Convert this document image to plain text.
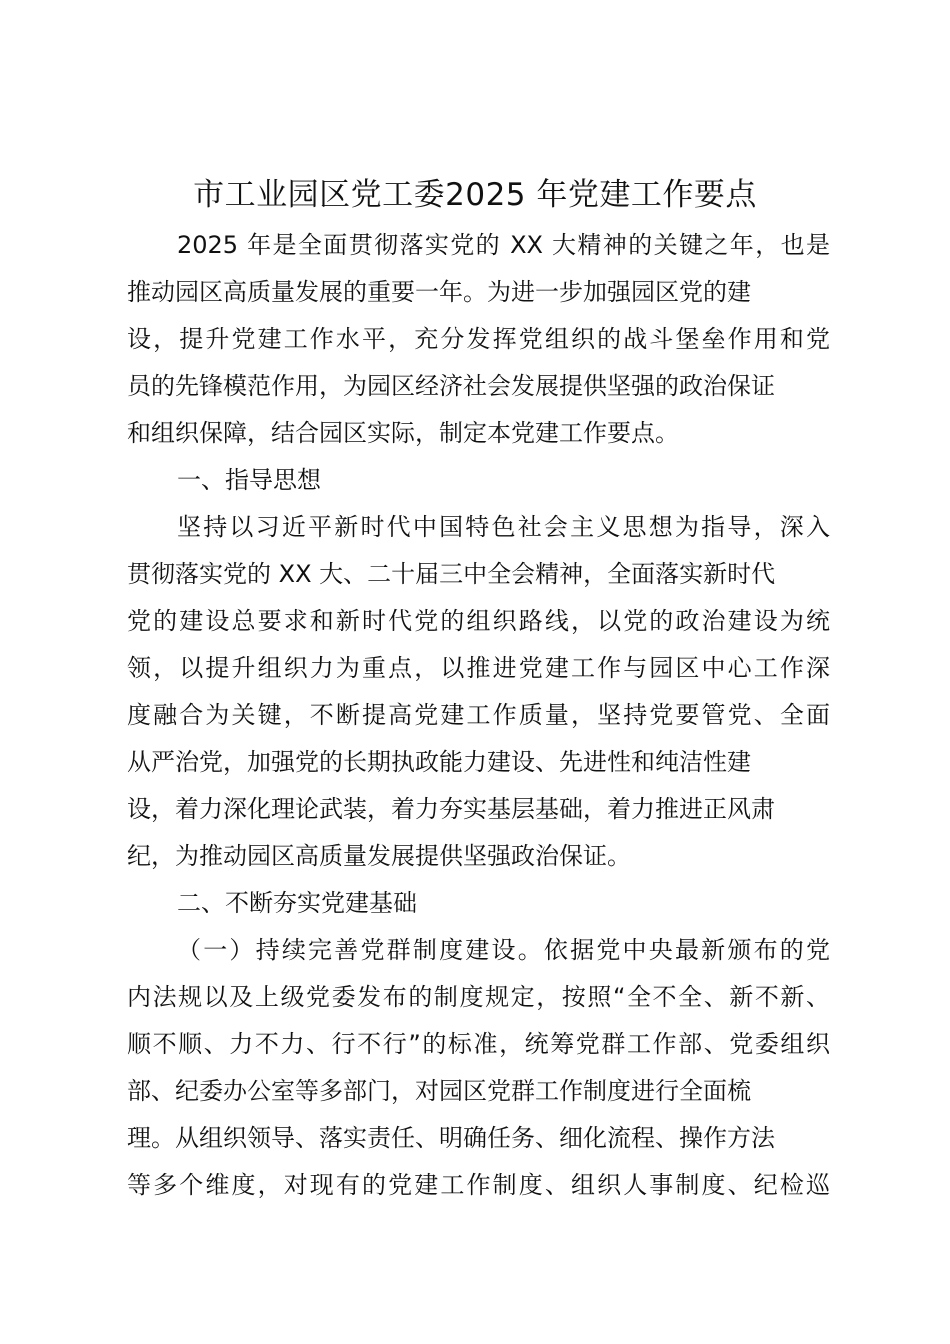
市工业园区党工委2025 年党建工作要点
2025 年是全面贯彻落实党的 XX 大精神的关键之年，也是
推动园区高质量发展的重要一年。为进一步加强园区党的建
设，提升党建工作水平，充分发挥党组织的战斗堡垒作用和党
员的先锋模范作用，为园区经济社会发展提供坚强的政治保证
和组织保障，结合园区实际，制定本党建工作要点。
一、指导思想
坚持以习近平新时代中国特色社会主义思想为指导，深入
贯彻落实党的 XX 大、二十届三中全会精神，全面落实新时代
党的建设总要求和新时代党的组织路线，以党的政治建设为统
领，以提升组织力为重点，以推进党建工作与园区中心工作深
度融合为关键，不断提高党建工作质量，坚持党要管党、全面
从严治党，加强党的长期执政能力建设、先进性和纯洁性建
设，着力深化理论武装，着力夯实基层基础，着力推进正风肃
纪，为推动园区高质量发展提供坚强政治保证。
二、不断夯实党建基础
（一）持续完善党群制度建设。依据党中央最新颁布的党
内法规以及上级党委发布的制度规定，按照“全不全、新不新、
顺不顺、力不力、行不行”的标准，统筹党群工作部、党委组织
部、纪委办公室等多部门，对园区党群工作制度进行全面梳
理。从组织领导、落实责任、明确任务、细化流程、操作方法
等多个维度，对现有的党建工作制度、组织人事制度、纪检巡
